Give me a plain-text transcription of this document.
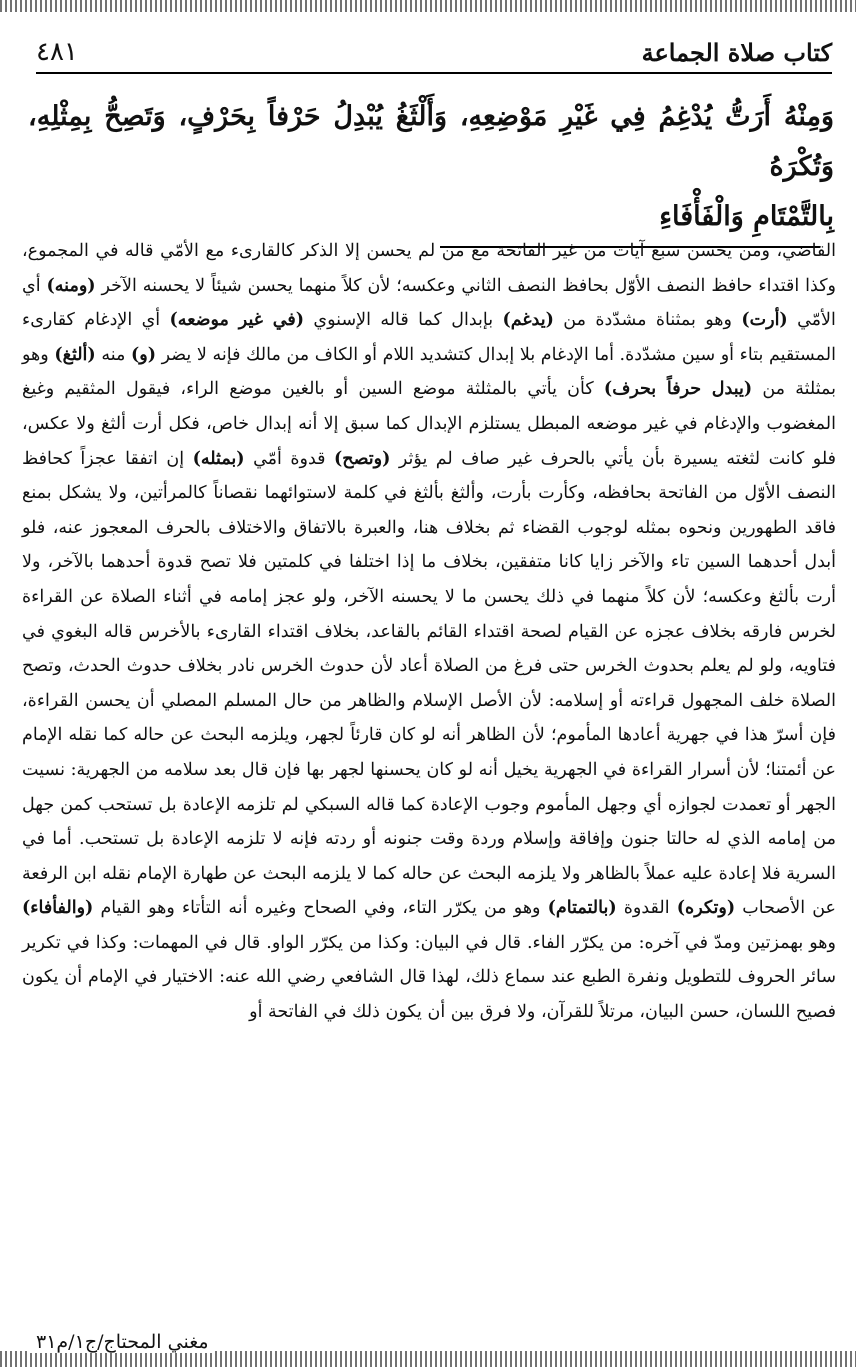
كتاب صلاة الجماعة
٤٨١
وَمِنْهُ أَرَتُّ يُدْغِمُ فِي غَيْرِ مَوْضِعِهِ، وَأَلْثَغُ يُبْدِلُ حَرْفاً بِحَرْفٍ، وَتَصِحُّ بِمِثْلِهِ، وَتُكْرَهُ
بِالتَّمْتَامِ وَالْفَأْفَاءِ

القاضي، ومن يحسن سبع آيات من غير الفاتحة مع من لم يحسن إلا الذكر كالقارىء مع الأمّي قاله في المجموع، وكذا اقتداء حافظ النصف الأوّل بحافظ النصف الثاني وعكسه؛ لأن كلاً منهما يحسن شيئاً لا يحسنه الآخر (ومنه) أي الأمّي (أرت) وهو بمثناة مشدّدة من (يدغم) بإبدال كما قاله الإسنوي (في غير موضعه) أي الإدغام كقارىء المستقيم بتاء أو سين مشدّدة. أما الإدغام بلا إبدال كتشديد اللام أو الكاف من مالك فإنه لا يضر (و) منه (ألثغ) وهو بمثلثة من (يبدل حرفاً بحرف) كأن يأتي بالمثلثة موضع السين أو بالغين موضع الراء، فيقول المثقيم وغيغ المغضوب والإدغام في غير موضعه المبطل يستلزم الإبدال كما سبق إلا أنه إبدال خاص، فكل أرت ألثغ ولا عكس، فلو كانت لثغته يسيرة بأن يأتي بالحرف غير صاف لم يؤثر (وتصح) قدوة أمّي (بمثله) إن اتفقا عجزاً كحافظ النصف الأوّل من الفاتحة بحافظه، وكأرت بأرت، وألثغ بألثغ في كلمة لاستوائهما نقصاناً كالمرأتين، ولا يشكل بمنع فاقد الطهورين ونحوه بمثله لوجوب القضاء ثم بخلاف هنا، والعبرة بالاتفاق والاختلاف بالحرف المعجوز عنه، فلو أبدل أحدهما السين تاء والآخر زايا كانا متفقين، بخلاف ما إذا اختلفا في كلمتين فلا تصح قدوة أحدهما بالآخر، ولا أرت بألثغ وعكسه؛ لأن كلاً منهما في ذلك يحسن ما لا يحسنه الآخر، ولو عجز إمامه في أثناء الصلاة عن القراءة لخرس فارقه بخلاف عجزه عن القيام لصحة اقتداء القائم بالقاعد، بخلاف اقتداء القارىء بالأخرس قاله البغوي في فتاويه، ولو لم يعلم بحدوث الخرس حتى فرغ من الصلاة أعاد لأن حدوث الخرس نادر بخلاف حدوث الحدث، وتصح الصلاة خلف المجهول قراءته أو إسلامه: لأن الأصل الإسلام والظاهر من حال المسلم المصلي أن يحسن القراءة، فإن أسرّ هذا في جهرية أعادها المأموم؛ لأن الظاهر أنه لو كان قارئاً لجهر، ويلزمه البحث عن حاله كما نقله الإمام عن أئمتنا؛ لأن أسرار القراءة في الجهرية يخيل أنه لو كان يحسنها لجهر بها فإن قال بعد سلامه من الجهرية: نسيت الجهر أو تعمدت لجوازه أي وجهل المأموم وجوب الإعادة كما قاله السبكي لم تلزمه الإعادة بل تستحب كمن جهل من إمامه الذي له حالتا جنون وإفاقة وإسلام وردة وقت جنونه أو ردته فإنه لا تلزمه الإعادة بل تستحب. أما في السرية فلا إعادة عليه عملاً بالظاهر ولا يلزمه البحث عن حاله كما لا يلزمه البحث عن طهارة الإمام نقله ابن الرفعة عن الأصحاب (وتكره) القدوة (بالتمتام) وهو من يكرّر التاء، وفي الصحاح وغيره أنه التأتاء وهو القيام (والفأفاء) وهو بهمزتين ومدّ في آخره: من يكرّر الفاء. قال في البيان: وكذا من يكرّر الواو. قال في المهمات: وكذا في تكرير سائر الحروف للتطويل ونفرة الطبع عند سماع ذلك، لهذا قال الشافعي رضي الله عنه: الاختيار في الإمام أن يكون فصيح اللسان، حسن البيان، مرتلاً للقرآن، ولا فرق بين أن يكون ذلك في الفاتحة أو

مغني المحتاج/ج١/م٣١
